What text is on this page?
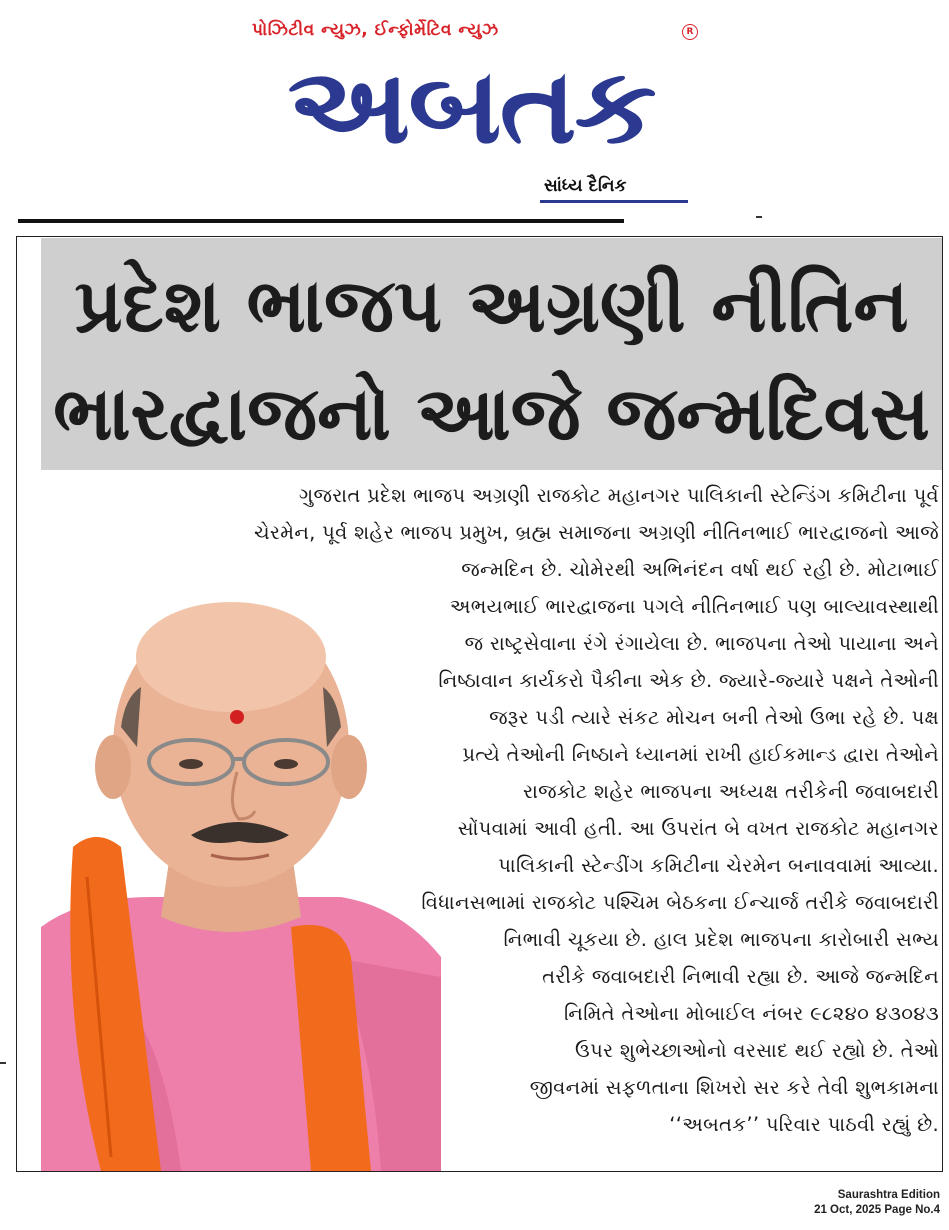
પોઝિટીવ ન્યુઝ, ઈન્ફોર્મેટિવ ન્યુઝ	R
અબતક
સાંધ્ય દૈનિક
પ્રદેશ ભાજપ અગ્રણી નીતિન
ભારદ્વાજનો આજે જન્મદિવસ
ગુજરાત પ્રદેશ ભાજપ અગ્રણી રાજકોટ મહાનગર પાલિકાની સ્ટેન્ડિંગ કમિટીના પૂર્વ
ચેરમેન, પૂર્વ શહેર ભાજપ પ્રમુખ, બ્રહ્મ સમાજના અગ્રણી નીતિનભાઈ ભારદ્વાજનો આજે
જન્મદિન છે. ચોમેરથી અભિનંદન વર્ષા થઈ રહી છે. મોટાભાઈ
અભયભાઈ ભારદ્વાજના પગલે નીતિનભાઈ પણ બાલ્યાવસ્થાથી
જ રાષ્ટ્રસેવાના રંગે રંગાયેલા છે. ભાજપના તેઓ પાયાના અને
નિષ્ઠાવાન કાર્યકરો પૈકીના એક છે. જ્યારે-જ્યારે પક્ષને તેઓની
જરૂર પડી ત્યારે સંકટ મોચન બની તેઓ ઉભા રહે છે. પક્ષ
પ્રત્યે તેઓની નિષ્ઠાને ધ્યાનમાં રાખી હાઈકમાન્ડ દ્વારા તેઓને
રાજકોટ શહેર ભાજપના અધ્યક્ષ તરીકેની જવાબદારી
સોંપવામાં આવી હતી. આ ઉપરાંત બે વખત રાજકોટ મહાનગર
પાલિકાની સ્ટેન્ડીંગ કમિટીના ચેરમેન બનાવવામાં આવ્યા.
વિધાનસભામાં રાજકોટ પશ્ચિમ બેઠકના ઈન્ચાર્જ તરીકે જવાબદારી
નિભાવી ચૂકયા છે. હાલ પ્રદેશ ભાજપના કારોબારી સભ્ય
તરીકે જવાબદારી નિભાવી રહ્યા છે. આજે જન્મદિન
નિમિતે તેઓના મોબાઈલ નંબર ૯૮૨૪૦ ૪૩૦૪૩
ઉપર શુભેચ્છાઓનો વરસાદ થઈ રહ્યો છે. તેઓ
જીવનમાં સફળતાના શિખરો સર કરે તેવી શુભકામના
‘‘અબતક’’ પરિવાર પાઠવી રહ્યું છે.
Saurashtra Edition
21 Oct, 2025 Page No.4
